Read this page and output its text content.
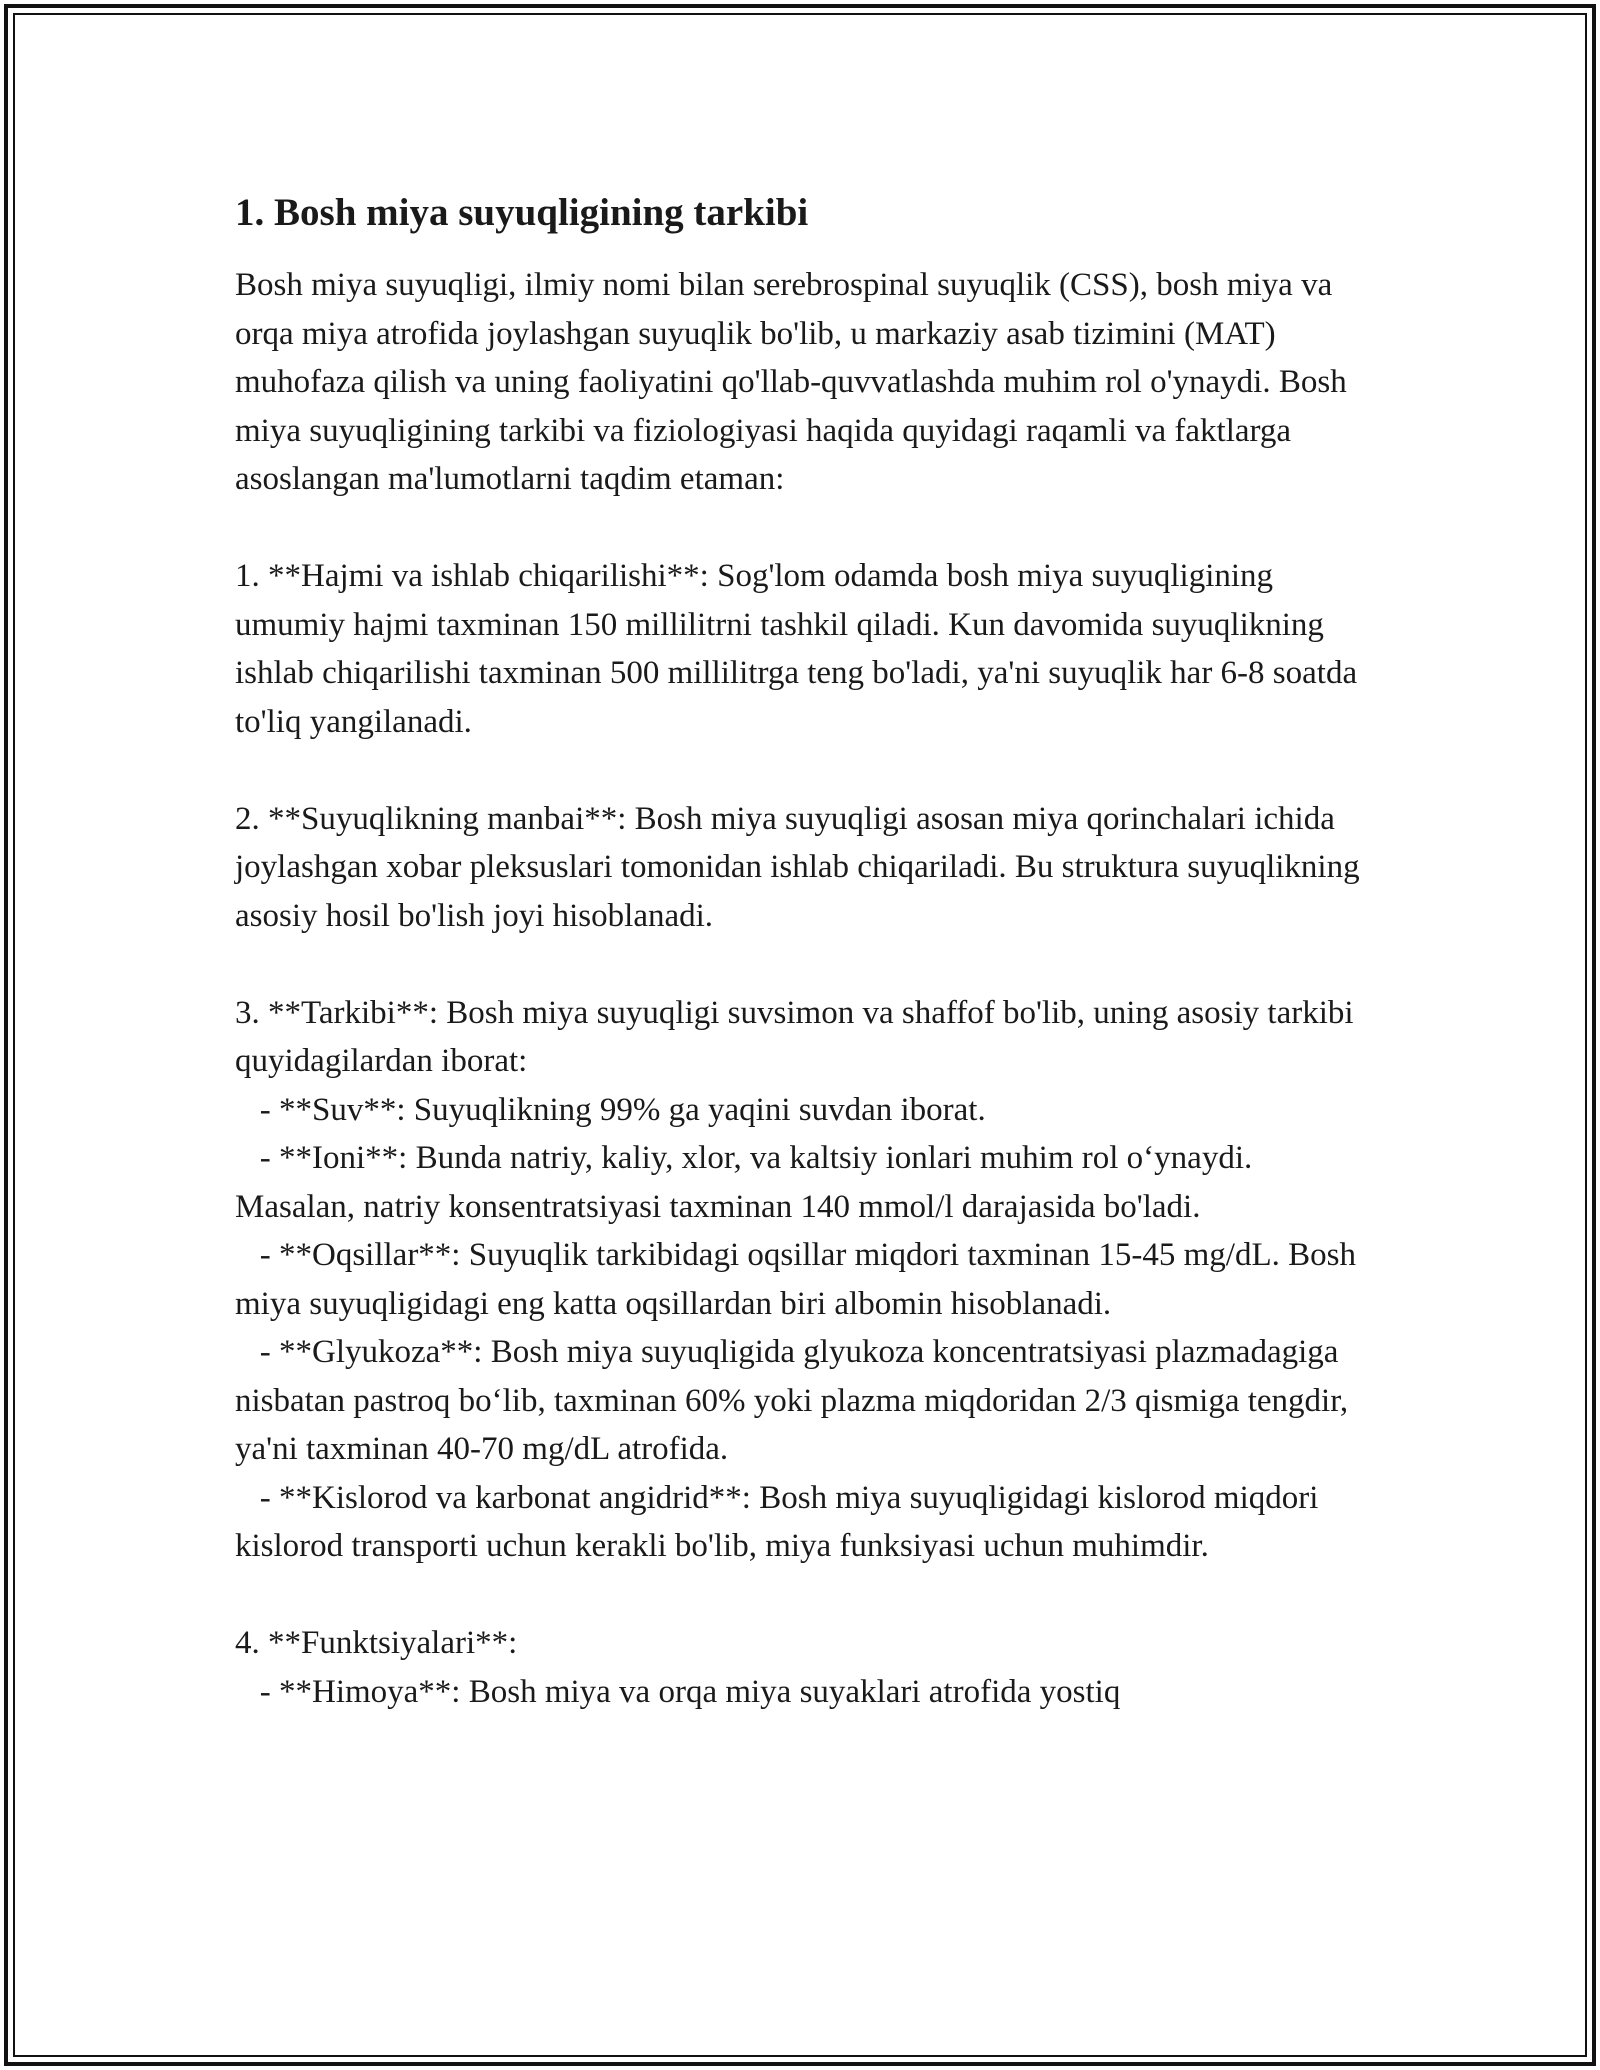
1. Bosh miya suyuqligining tarkibi

Bosh miya suyuqligi, ilmiy nomi bilan serebrospinal suyuqlik (CSS), bosh miya va orqa miya atrofida joylashgan suyuqlik bo'lib, u markaziy asab tizimini (MAT) muhofaza qilish va uning faoliyatini qo'llab-quvvatlashda muhim rol o'ynaydi. Bosh miya suyuqligining tarkibi va fiziologiyasi haqida quyidagi raqamli va faktlarga asoslangan ma'lumotlarni taqdim etaman:

1. **Hajmi va ishlab chiqarilishi**: Sog'lom odamda bosh miya suyuqligining umumiy hajmi taxminan 150 millilitrni tashkil qiladi. Kun davomida suyuqlikning ishlab chiqarilishi taxminan 500 millilitrga teng bo'ladi, ya'ni suyuqlik har 6-8 soatda to'liq yangilanadi.

2. **Suyuqlikning manbai**: Bosh miya suyuqligi asosan miya qorinchalari ichida joylashgan xobar pleksuslari tomonidan ishlab chiqariladi. Bu struktura suyuqlikning asosiy hosil bo'lish joyi hisoblanadi.

3. **Tarkibi**: Bosh miya suyuqligi suvsimon va shaffof bo'lib, uning asosiy tarkibi quyidagilardan iborat:

- **Suv**: Suyuqlikning 99% ga yaqini suvdan iborat.

- **Ioni**: Bunda natriy, kaliy, xlor, va kaltsiy ionlari muhim rol o‘ynaydi. Masalan, natriy konsentratsiyasi taxminan 140 mmol/l darajasida bo'ladi.

- **Oqsillar**: Suyuqlik tarkibidagi oqsillar miqdori taxminan 15-45 mg/dL. Bosh miya suyuqligidagi eng katta oqsillardan biri albomin hisoblanadi.

- **Glyukoza**: Bosh miya suyuqligida glyukoza koncentratsiyasi plazmadagiga nisbatan pastroq bo‘lib, taxminan 60% yoki plazma miqdoridan 2/3 qismiga tengdir, ya'ni taxminan 40-70 mg/dL atrofida.

- **Kislorod va karbonat angidrid**: Bosh miya suyuqligidagi kislorod miqdori kislorod transporti uchun kerakli bo'lib, miya funksiyasi uchun muhimdir.

4. **Funktsiyalari**:

- **Himoya**: Bosh miya va orqa miya suyaklari atrofida yostiq
